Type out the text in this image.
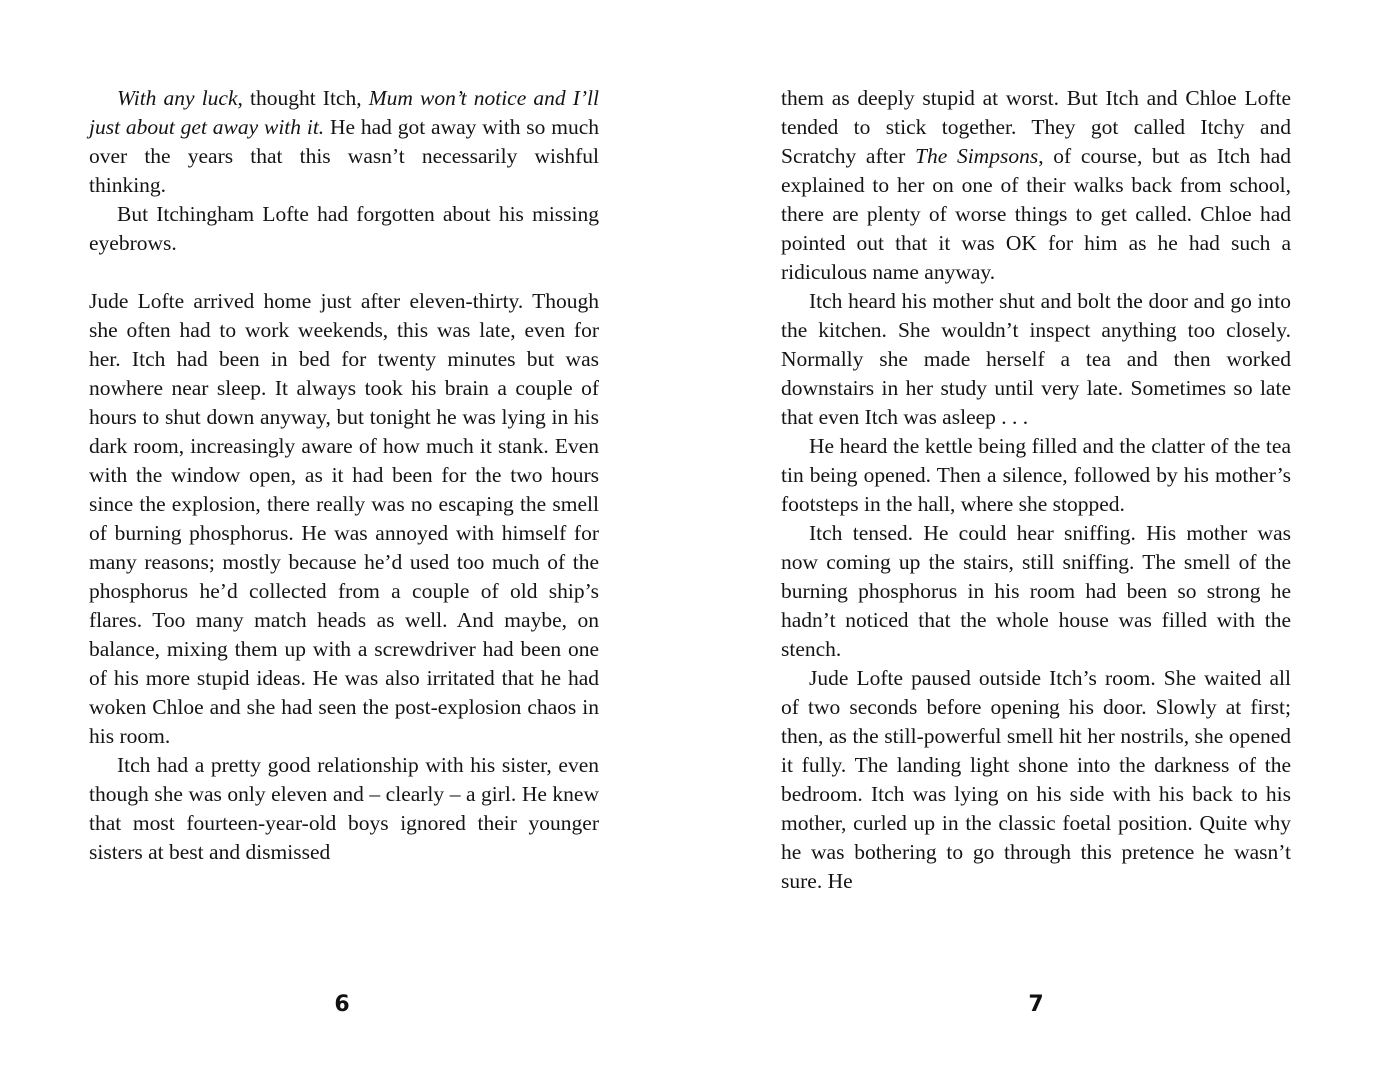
With any luck, thought Itch, Mum won’t notice and I’ll just about get away with it. He had got away with so much over the years that this wasn’t necessarily wishful thinking.

But Itchingham Lofte had forgotten about his missing eyebrows.

Jude Lofte arrived home just after eleven-thirty. Though she often had to work weekends, this was late, even for her. Itch had been in bed for twenty minutes but was nowhere near sleep. It always took his brain a couple of hours to shut down anyway, but tonight he was lying in his dark room, increasingly aware of how much it stank. Even with the window open, as it had been for the two hours since the explosion, there really was no escaping the smell of burning phosphorus. He was annoyed with himself for many reasons; mostly because he’d used too much of the phosphorus he’d collected from a couple of old ship’s flares. Too many match heads as well. And maybe, on balance, mixing them up with a screwdriver had been one of his more stupid ideas. He was also irritated that he had woken Chloe and she had seen the post-explosion chaos in his room.

Itch had a pretty good relationship with his sister, even though she was only eleven and – clearly – a girl. He knew that most fourteen-year-old boys ignored their younger sisters at best and dismissed

6

them as deeply stupid at worst. But Itch and Chloe Lofte tended to stick together. They got called Itchy and Scratchy after The Simpsons, of course, but as Itch had explained to her on one of their walks back from school, there are plenty of worse things to get called. Chloe had pointed out that it was OK for him as he had such a ridiculous name anyway.

Itch heard his mother shut and bolt the door and go into the kitchen. She wouldn’t inspect anything too closely. Normally she made herself a tea and then worked downstairs in her study until very late. Sometimes so late that even Itch was asleep . . .

He heard the kettle being filled and the clatter of the tea tin being opened. Then a silence, followed by his mother’s footsteps in the hall, where she stopped.

Itch tensed. He could hear sniffing. His mother was now coming up the stairs, still sniffing. The smell of the burning phosphorus in his room had been so strong he hadn’t noticed that the whole house was filled with the stench.

Jude Lofte paused outside Itch’s room. She waited all of two seconds before opening his door. Slowly at first; then, as the still-powerful smell hit her nostrils, she opened it fully. The landing light shone into the darkness of the bedroom. Itch was lying on his side with his back to his mother, curled up in the classic foetal position. Quite why he was bothering to go through this pretence he wasn’t sure. He

7
